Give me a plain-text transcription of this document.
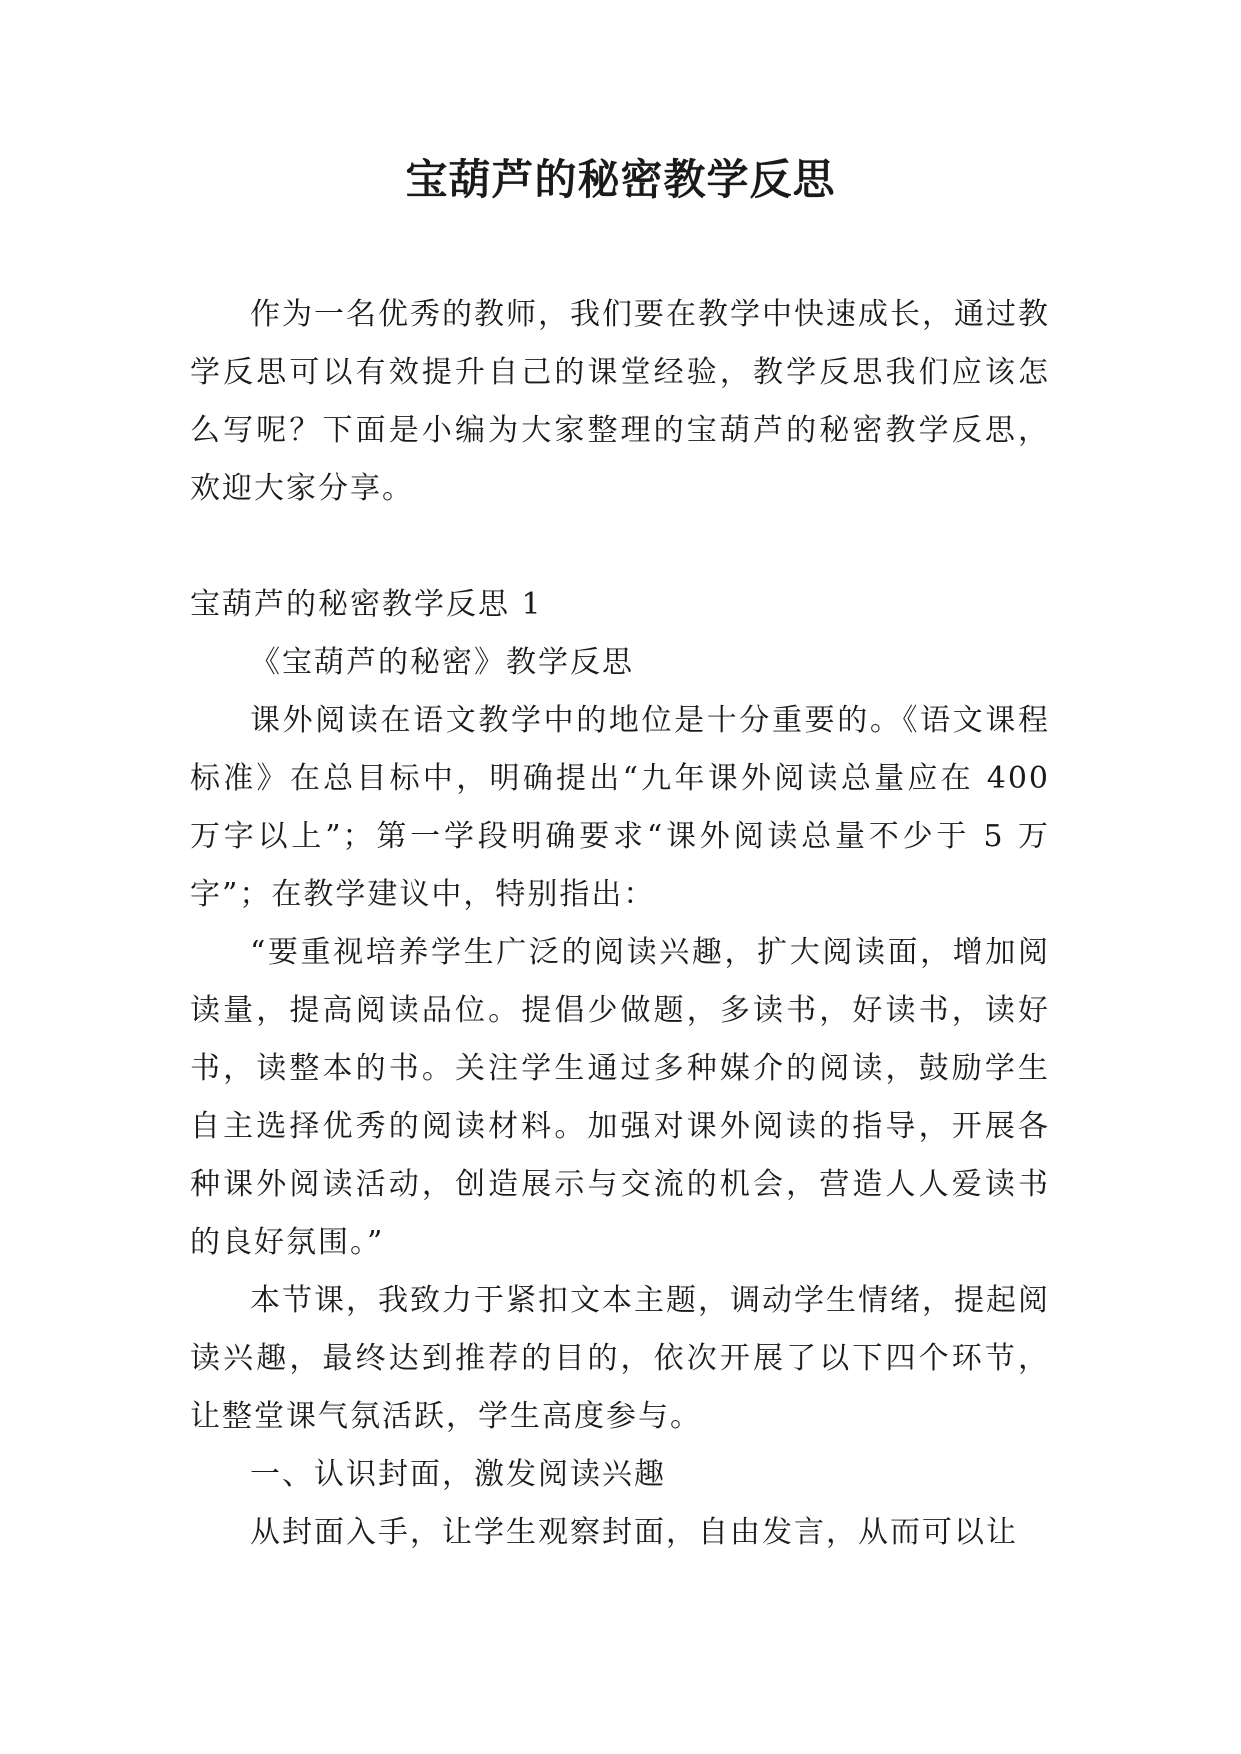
宝葫芦的秘密教学反思

作为一名优秀的教师，我们要在教学中快速成长，通过教学反思可以有效提升自己的课堂经验，教学反思我们应该怎么写呢？下面是小编为大家整理的宝葫芦的秘密教学反思，欢迎大家分享。

宝葫芦的秘密教学反思 1

《宝葫芦的秘密》教学反思

课外阅读在语文教学中的地位是十分重要的。《语文课程标准》在总目标中，明确提出“九年课外阅读总量应在 400 万字以上”；第一学段明确要求“课外阅读总量不少于 5 万字”；在教学建议中，特别指出：

“要重视培养学生广泛的阅读兴趣，扩大阅读面，增加阅读量，提高阅读品位。提倡少做题，多读书，好读书，读好书，读整本的书。关注学生通过多种媒介的阅读，鼓励学生自主选择优秀的阅读材料。加强对课外阅读的指导，开展各种课外阅读活动，创造展示与交流的机会，营造人人爱读书的良好氛围。”

本节课，我致力于紧扣文本主题，调动学生情绪，提起阅读兴趣，最终达到推荐的目的，依次开展了以下四个环节，让整堂课气氛活跃，学生高度参与。

一、认识封面，激发阅读兴趣

从封面入手，让学生观察封面，自由发言，从而可以让
